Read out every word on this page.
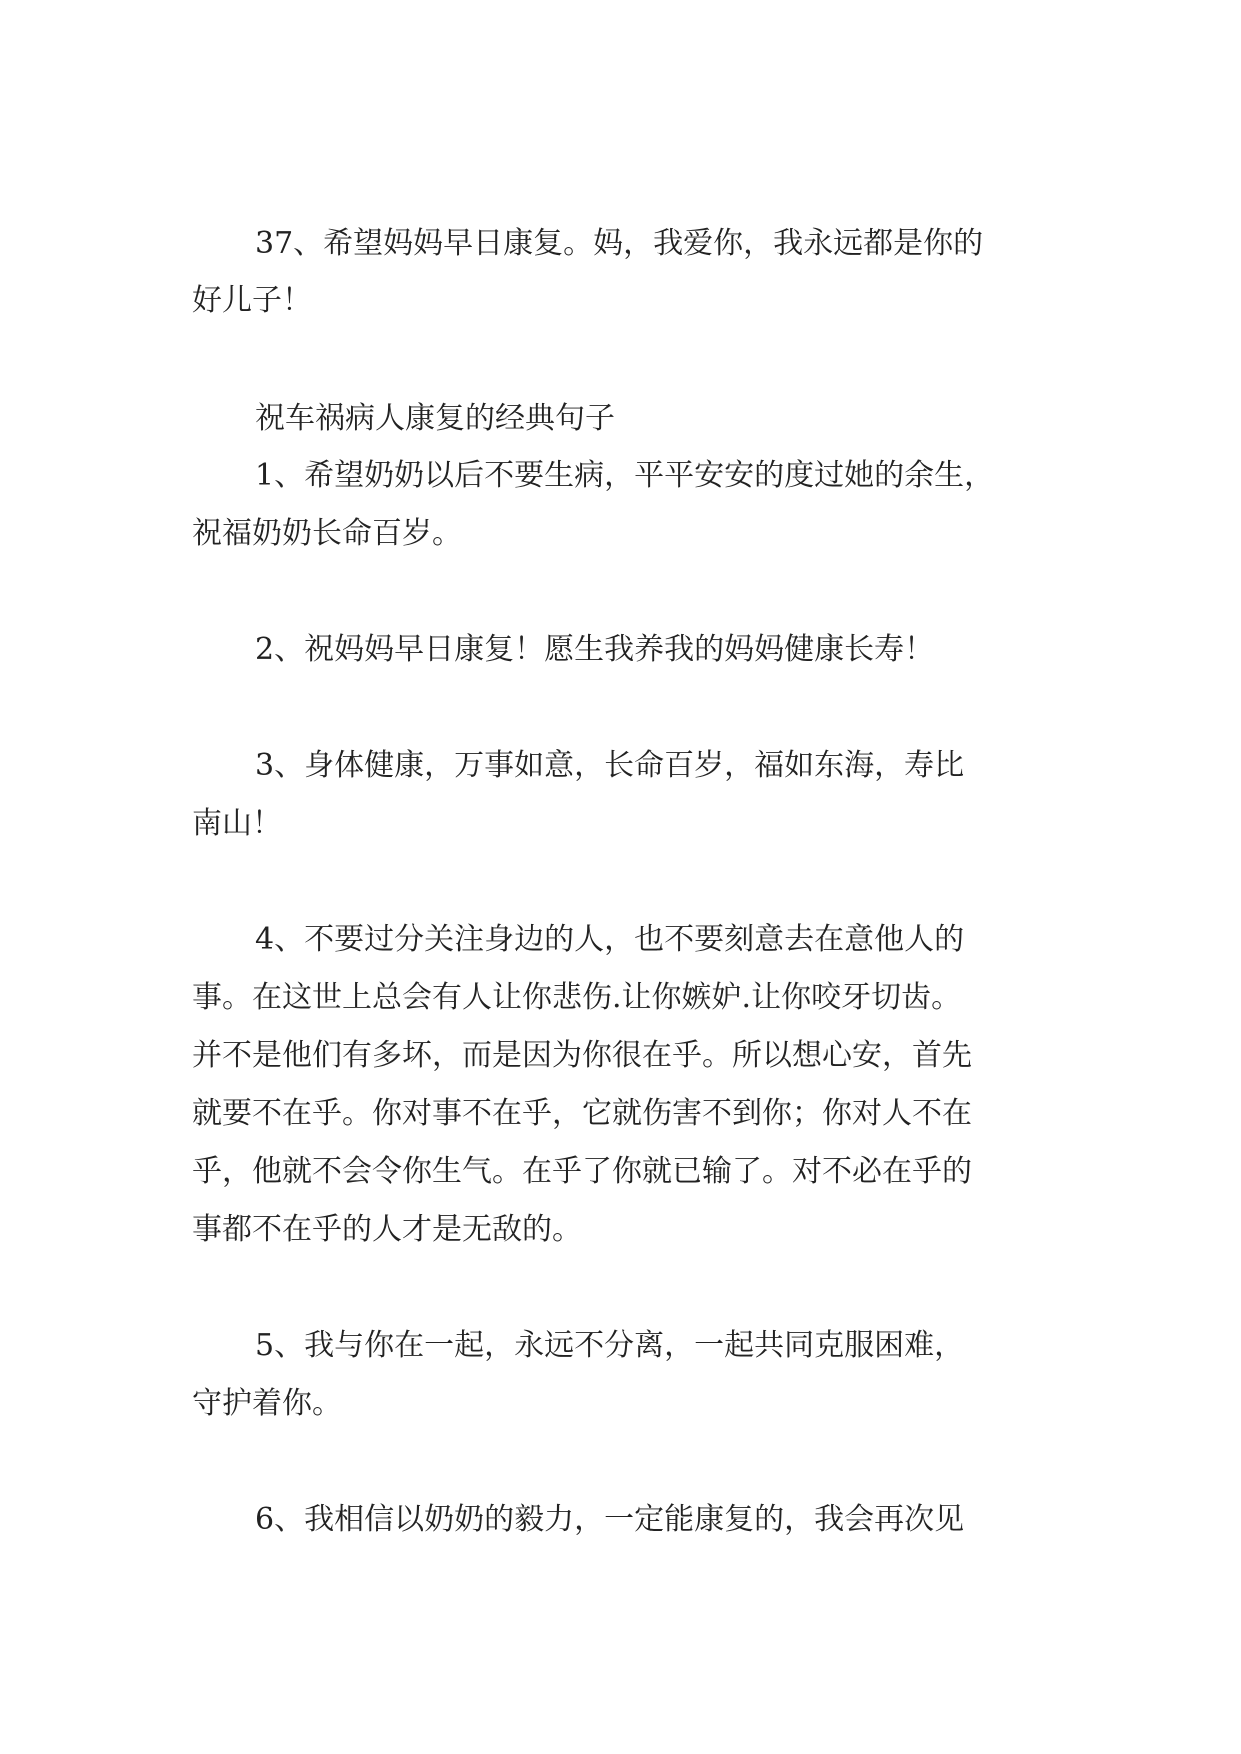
37、希望妈妈早日康复。妈，我爱你，我永远都是你的
好儿子！
祝车祸病人康复的经典句子
1、希望奶奶以后不要生病，平平安安的度过她的余生，
祝福奶奶长命百岁。
2、祝妈妈早日康复！愿生我养我的妈妈健康长寿！
3、身体健康，万事如意，长命百岁，福如东海，寿比
南山！
4、不要过分关注身边的人，也不要刻意去在意他人的
事。在这世上总会有人让你悲伤.让你嫉妒.让你咬牙切齿。
并不是他们有多坏，而是因为你很在乎。所以想心安，首先
就要不在乎。你对事不在乎，它就伤害不到你；你对人不在
乎，他就不会令你生气。在乎了你就已输了。对不必在乎的
事都不在乎的人才是无敌的。
5、我与你在一起，永远不分离，一起共同克服困难，
守护着你。
6、我相信以奶奶的毅力，一定能康复的，我会再次见
